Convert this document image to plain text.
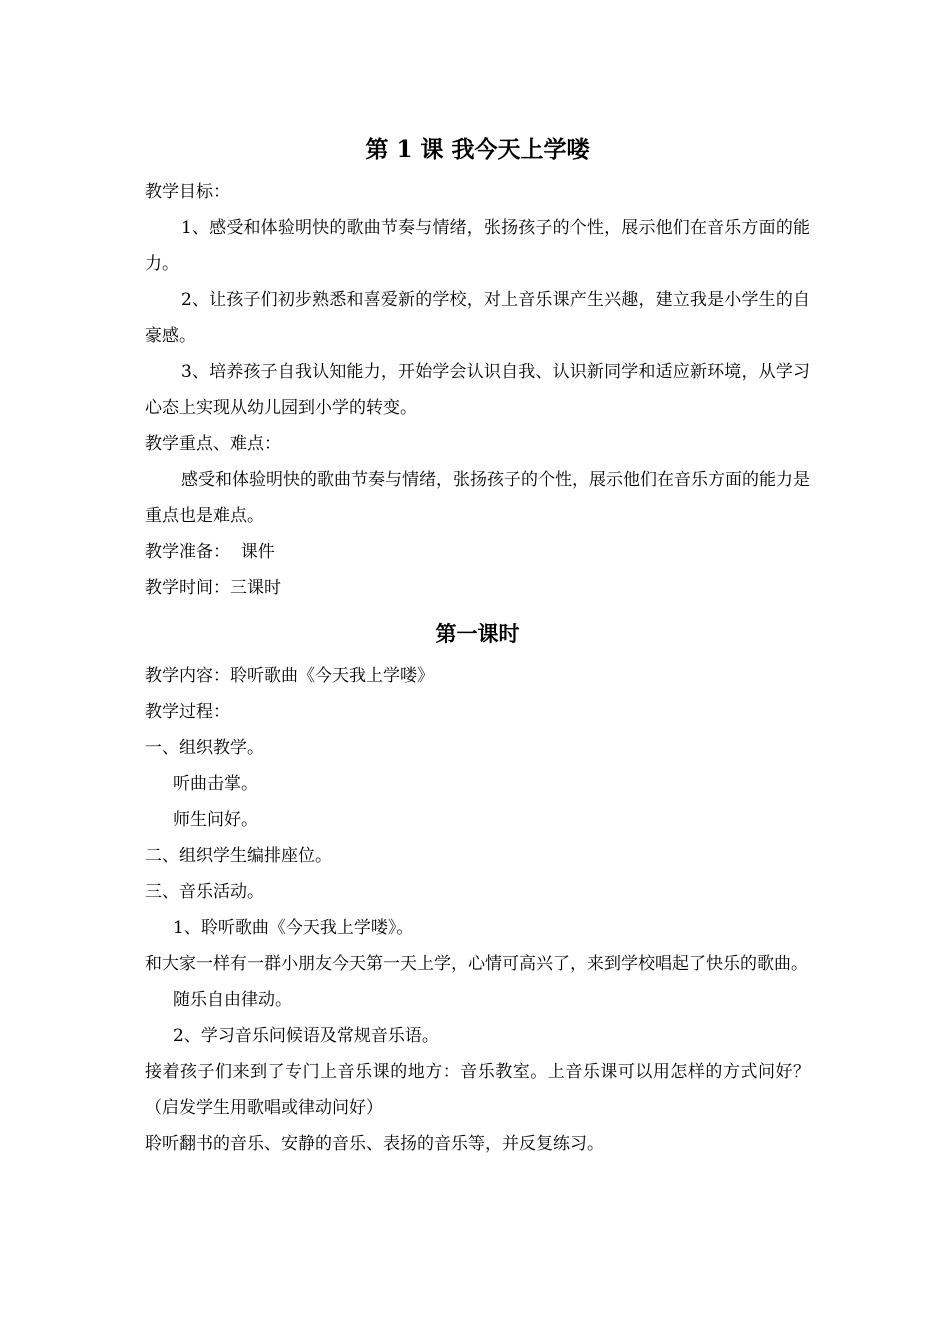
第 1 课 我今天上学喽

教学目标：

1、感受和体验明快的歌曲节奏与情绪，张扬孩子的个性，展示他们在音乐方面的能力。

2、让孩子们初步熟悉和喜爱新的学校，对上音乐课产生兴趣，建立我是小学生的自豪感。

3、培养孩子自我认知能力，开始学会认识自我、认识新同学和适应新环境，从学习心态上实现从幼儿园到小学的转变。

教学重点、难点：

感受和体验明快的歌曲节奏与情绪，张扬孩子的个性，展示他们在音乐方面的能力是重点也是难点。

教学准备：  课件

教学时间：三课时

第一课时

教学内容：聆听歌曲《今天我上学喽》

教学过程：

一、组织教学。

听曲击掌。

师生问好。

二、组织学生编排座位。

三、音乐活动。

1、聆听歌曲《今天我上学喽》。

和大家一样有一群小朋友今天第一天上学，心情可高兴了，来到学校唱起了快乐的歌曲。

随乐自由律动。

2、学习音乐问候语及常规音乐语。

接着孩子们来到了专门上音乐课的地方：音乐教室。上音乐课可以用怎样的方式问好？（启发学生用歌唱或律动问好）

聆听翻书的音乐、安静的音乐、表扬的音乐等，并反复练习。
